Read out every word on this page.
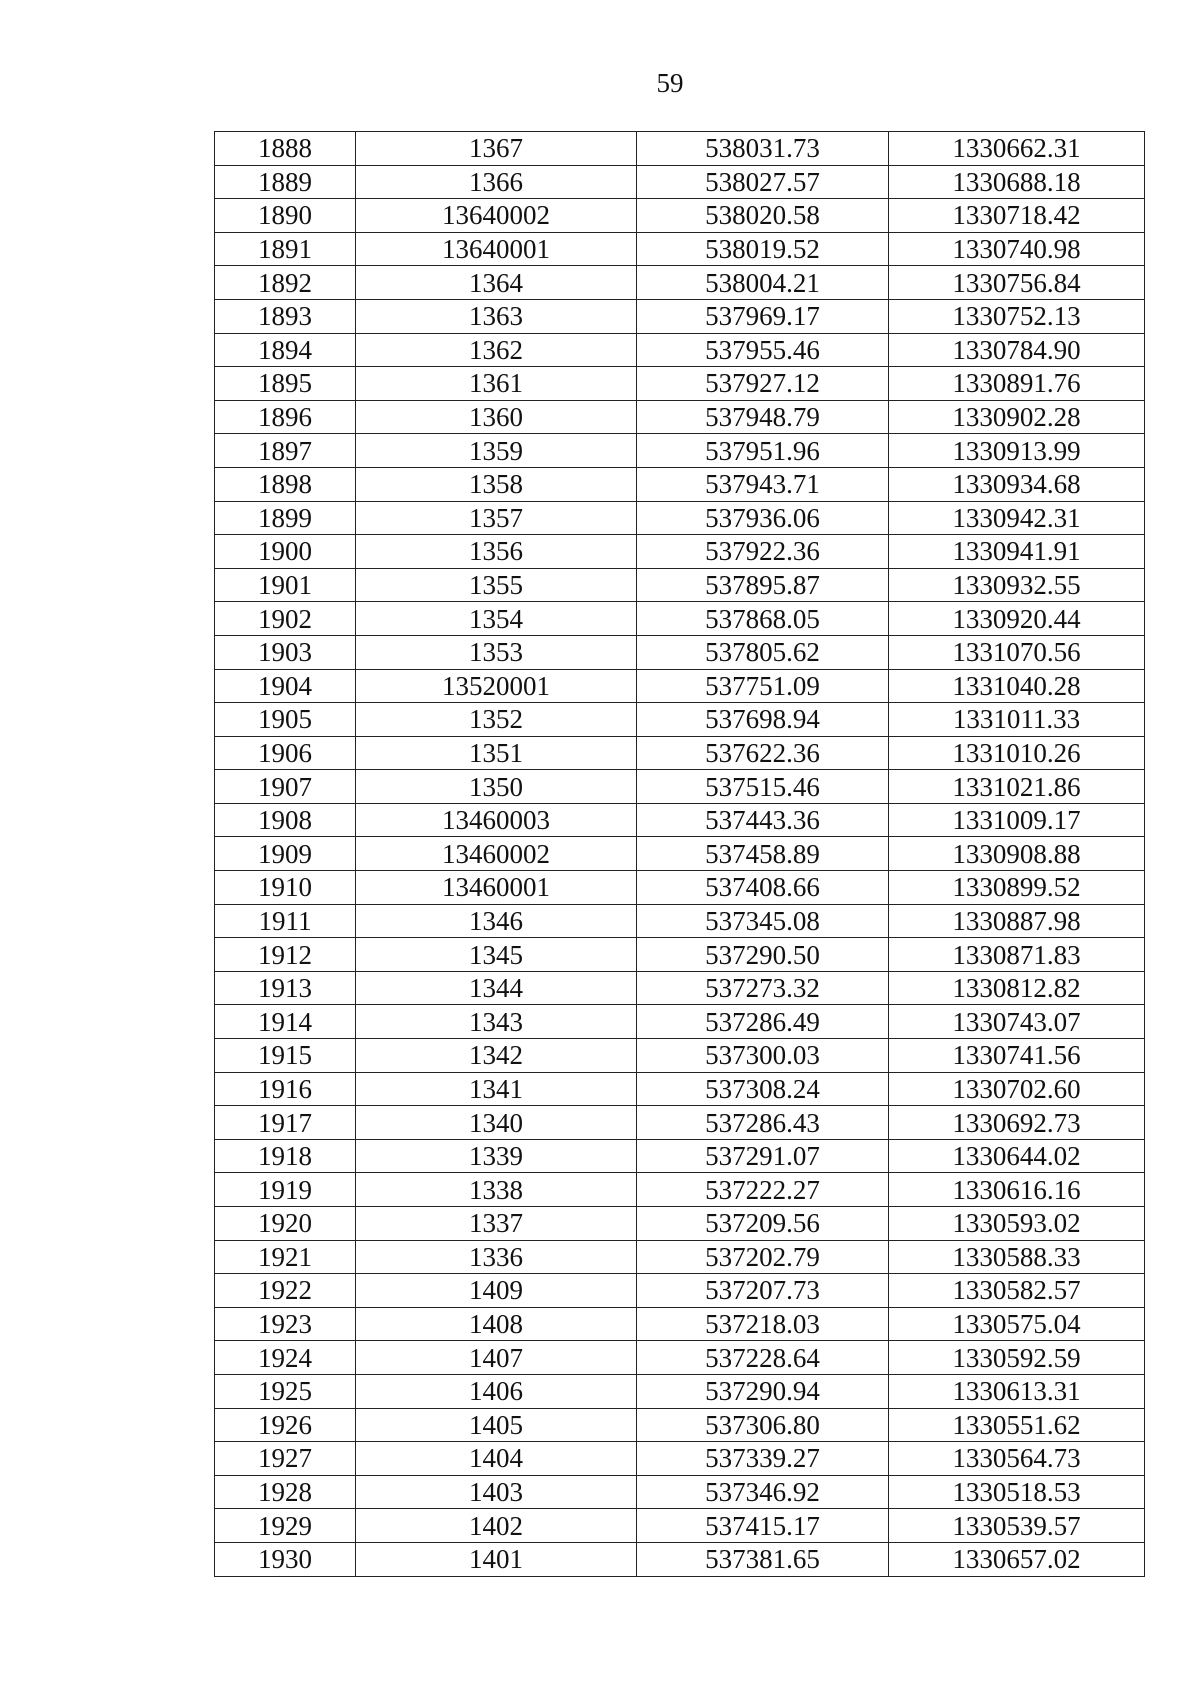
59
1888	1367	538031.73	1330662.31
1889	1366	538027.57	1330688.18
1890	13640002	538020.58	1330718.42
1891	13640001	538019.52	1330740.98
1892	1364	538004.21	1330756.84
1893	1363	537969.17	1330752.13
1894	1362	537955.46	1330784.90
1895	1361	537927.12	1330891.76
1896	1360	537948.79	1330902.28
1897	1359	537951.96	1330913.99
1898	1358	537943.71	1330934.68
1899	1357	537936.06	1330942.31
1900	1356	537922.36	1330941.91
1901	1355	537895.87	1330932.55
1902	1354	537868.05	1330920.44
1903	1353	537805.62	1331070.56
1904	13520001	537751.09	1331040.28
1905	1352	537698.94	1331011.33
1906	1351	537622.36	1331010.26
1907	1350	537515.46	1331021.86
1908	13460003	537443.36	1331009.17
1909	13460002	537458.89	1330908.88
1910	13460001	537408.66	1330899.52
1911	1346	537345.08	1330887.98
1912	1345	537290.50	1330871.83
1913	1344	537273.32	1330812.82
1914	1343	537286.49	1330743.07
1915	1342	537300.03	1330741.56
1916	1341	537308.24	1330702.60
1917	1340	537286.43	1330692.73
1918	1339	537291.07	1330644.02
1919	1338	537222.27	1330616.16
1920	1337	537209.56	1330593.02
1921	1336	537202.79	1330588.33
1922	1409	537207.73	1330582.57
1923	1408	537218.03	1330575.04
1924	1407	537228.64	1330592.59
1925	1406	537290.94	1330613.31
1926	1405	537306.80	1330551.62
1927	1404	537339.27	1330564.73
1928	1403	537346.92	1330518.53
1929	1402	537415.17	1330539.57
1930	1401	537381.65	1330657.02
